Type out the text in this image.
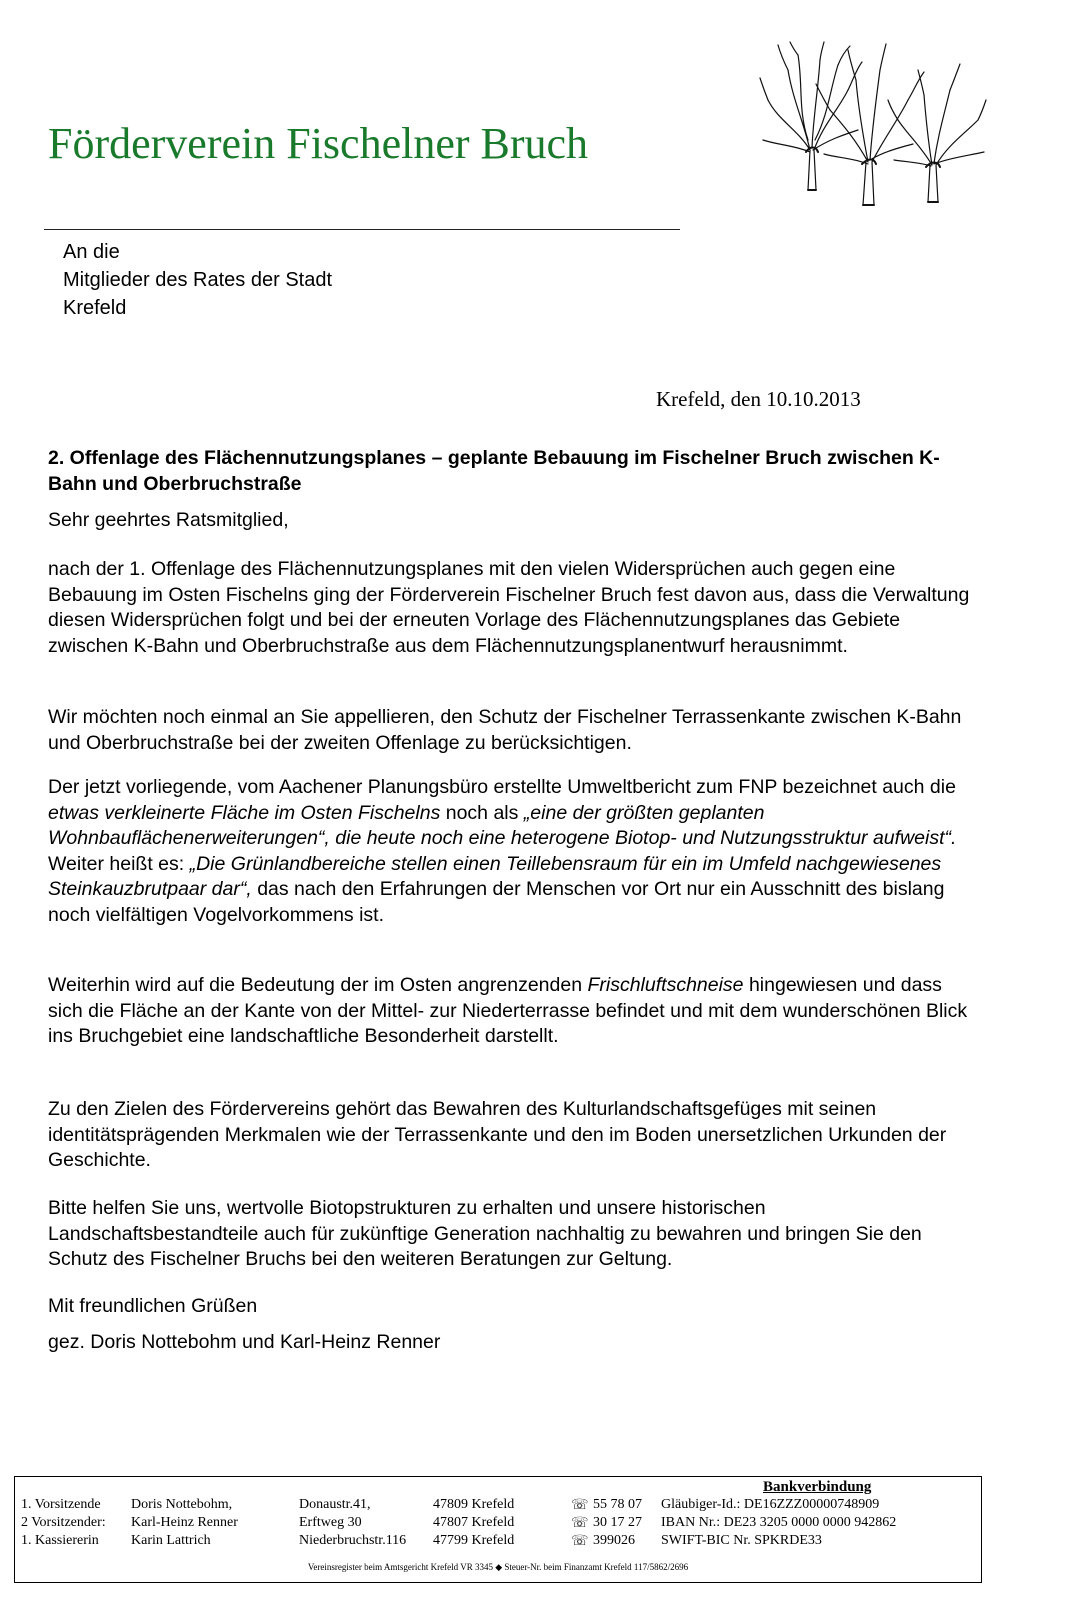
Förderverein Fischelner Bruch
An die
Mitglieder des Rates der Stadt
Krefeld
Krefeld, den 10.10.2013
2. Offenlage des Flächennutzungsplanes – geplante Bebauung im Fischelner Bruch zwischen K-Bahn und Oberbruchstraße
Sehr geehrtes Ratsmitglied,

nach der 1. Offenlage des Flächennutzungsplanes mit den vielen Widersprüchen auch gegen eine Bebauung im Osten Fischelns ging der Förderverein Fischelner Bruch fest davon aus, dass die Verwaltung diesen Widersprüchen folgt und bei der erneuten Vorlage des Flächennutzungsplanes das Gebiete zwischen K-Bahn und Oberbruchstraße aus dem Flächennutzungsplanentwurf herausnimmt.

Wir möchten noch einmal an Sie appellieren, den Schutz der Fischelner Terrassenkante zwischen K-Bahn und Oberbruchstraße bei der zweiten Offenlage zu berücksichtigen.

Der jetzt vorliegende, vom Aachener Planungsbüro erstellte Umweltbericht zum FNP bezeichnet auch die etwas verkleinerte Fläche im Osten Fischelns noch als „eine der größten geplanten Wohnbauflächenerweiterungen“, die heute noch eine heterogene Biotop- und Nutzungsstruktur aufweist“. Weiter heißt es: „Die Grünlandbereiche stellen einen Teillebensraum für ein im Umfeld nachgewiesenes Steinkauzbrutpaar dar“, das nach den Erfahrungen der Menschen vor Ort nur ein Ausschnitt des bislang noch vielfältigen Vogelvorkommens ist.

Weiterhin wird auf die Bedeutung der im Osten angrenzenden Frischluftschneise hingewiesen und dass sich die Fläche an der Kante von der Mittel- zur Niederterrasse befindet und mit dem wunderschönen Blick ins Bruchgebiet eine landschaftliche Besonderheit darstellt.

Zu den Zielen des Fördervereins gehört das Bewahren des Kulturlandschaftsgefüges mit seinen identitätsprägenden Merkmalen wie der Terrassenkante und den im Boden unersetzlichen Urkunden der Geschichte.

Bitte helfen Sie uns, wertvolle Biotopstrukturen zu erhalten und unsere historischen Landschaftsbestandteile auch für zukünftige Generation nachhaltig zu bewahren und bringen Sie den Schutz des Fischelner Bruchs bei den weiteren Beratungen zur Geltung.

Mit freundlichen Grüßen
gez. Doris Nottebohm und Karl-Heinz Renner
Bankverbindung
1. Vorsitzende Doris Nottebohm,	Donaustr.41,	47809 Krefeld	☏ 55 78 07 Gläubiger-Id.: DE16ZZZ00000748909
2 Vorsitzender: Karl-Heinz Renner	Erftweg 30	47807 Krefeld	☏ 30 17 27 IBAN Nr.: DE23 3205 0000 0000 942862
1. Kassiererin Karin Lattrich	Niederbruchstr.116 47799 Krefeld	☏ 399026 SWIFT-BIC Nr. SPKRDE33
Vereinsregister beim Amtsgericht Krefeld VR 3345 ◆ Steuer-Nr. beim Finanzamt Krefeld 117/5862/2696
